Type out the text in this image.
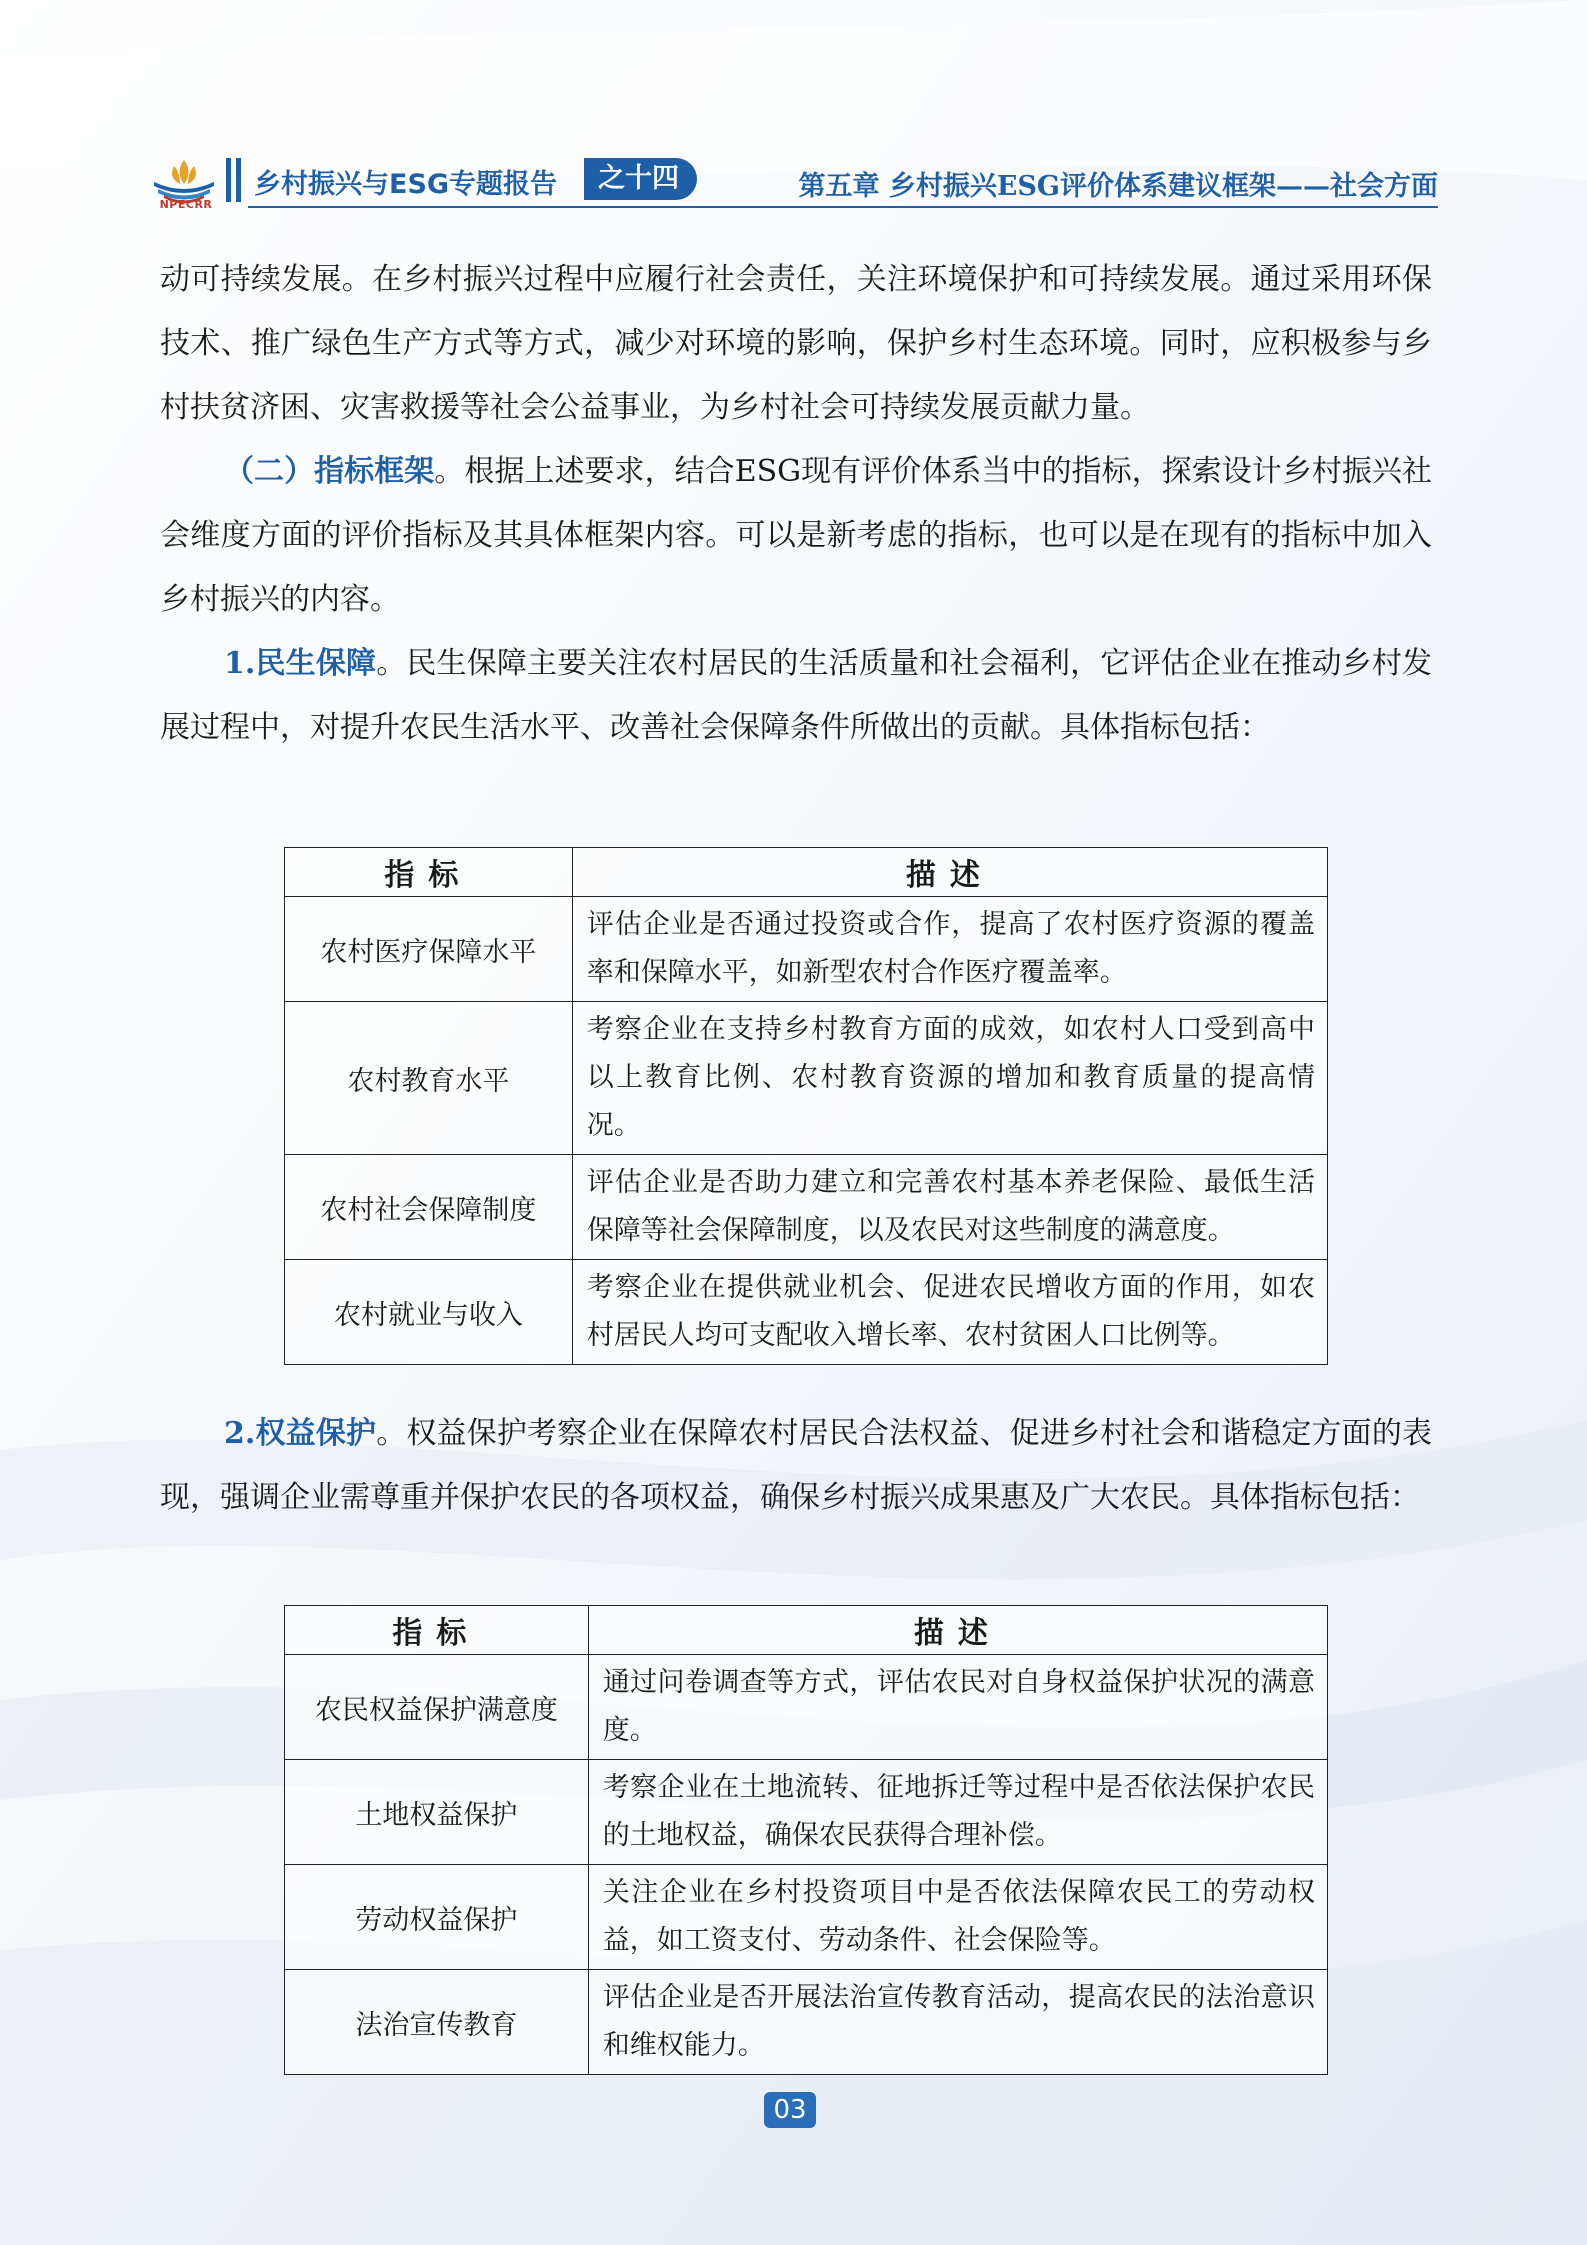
NPECRR
乡村振兴与ESG专题报告	之十四	第五章 乡村振兴ESG评价体系建议框架——社会方面

动可持续发展。在乡村振兴过程中应履行社会责任，关注环境保护和可持续发展。通过采用环保技术、推广绿色生产方式等方式，减少对环境的影响，保护乡村生态环境。同时，应积极参与乡村扶贫济困、灾害救援等社会公益事业，为乡村社会可持续发展贡献力量。

（二）指标框架。根据上述要求，结合ESG现有评价体系当中的指标，探索设计乡村振兴社会维度方面的评价指标及其具体框架内容。可以是新考虑的指标，也可以是在现有的指标中加入乡村振兴的内容。

1.民生保障。民生保障主要关注农村居民的生活质量和社会福利，它评估企业在推动乡村发展过程中，对提升农民生活水平、改善社会保障条件所做出的贡献。具体指标包括：

指标	描述
农村医疗保障水平	评估企业是否通过投资或合作，提高了农村医疗资源的覆盖率和保障水平，如新型农村合作医疗覆盖率。
农村教育水平	考察企业在支持乡村教育方面的成效，如农村人口受到高中以上教育比例、农村教育资源的增加和教育质量的提高情况。
农村社会保障制度	评估企业是否助力建立和完善农村基本养老保险、最低生活保障等社会保障制度，以及农民对这些制度的满意度。
农村就业与收入	考察企业在提供就业机会、促进农民增收方面的作用，如农村居民人均可支配收入增长率、农村贫困人口比例等。

2.权益保护。权益保护考察企业在保障农村居民合法权益、促进乡村社会和谐稳定方面的表现，强调企业需尊重并保护农民的各项权益，确保乡村振兴成果惠及广大农民。具体指标包括：

指标	描述
农民权益保护满意度	通过问卷调查等方式，评估农民对自身权益保护状况的满意度。
土地权益保护	考察企业在土地流转、征地拆迁等过程中是否依法保护农民的土地权益，确保农民获得合理补偿。
劳动权益保护	关注企业在乡村投资项目中是否依法保障农民工的劳动权益，如工资支付、劳动条件、社会保险等。
法治宣传教育	评估企业是否开展法治宣传教育活动，提高农民的法治意识和维权能力。
03
